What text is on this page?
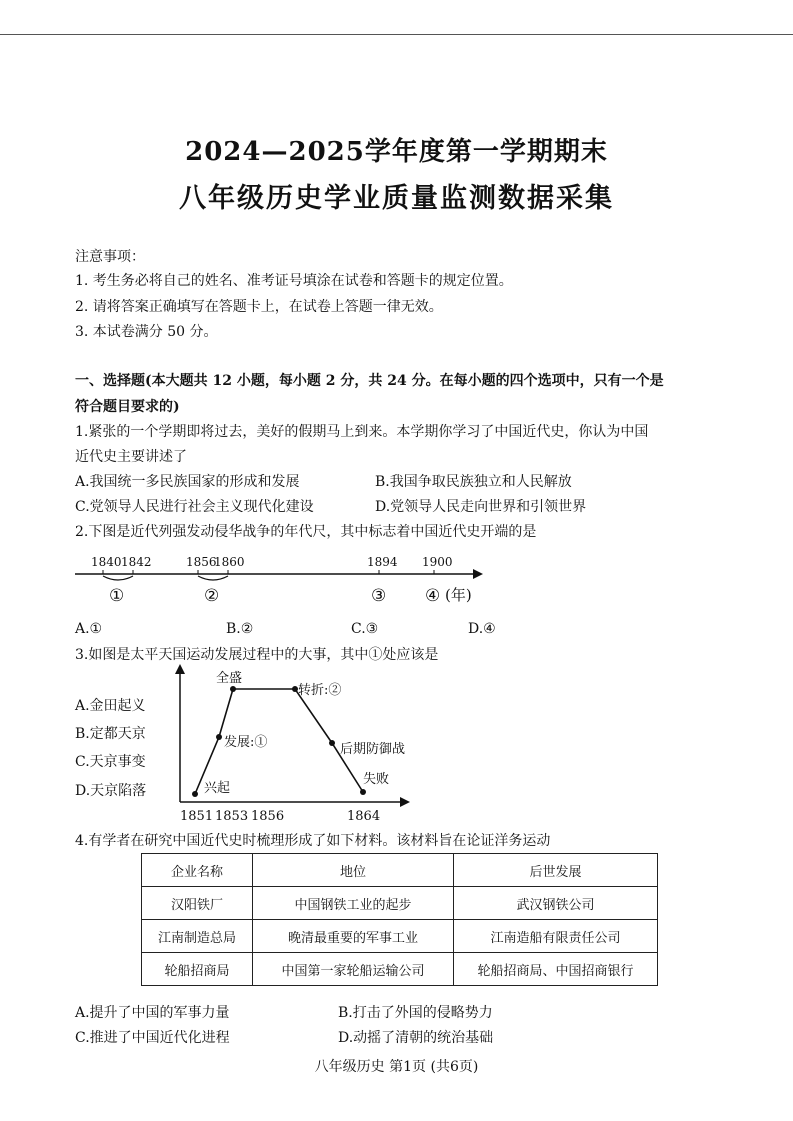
2024—2025学年度第一学期期末
八年级历史学业质量监测数据采集
注意事项：
1. 考生务必将自己的姓名、准考证号填涂在试卷和答题卡的规定位置。
2. 请将答案正确填写在答题卡上，在试卷上答题一律无效。
3. 本试卷满分 50 分。
一、选择题(本大题共 12 小题，每小题 2 分，共 24 分。在每小题的四个选项中，只有一个是
符合题目要求的)
1.紧张的一个学期即将过去，美好的假期马上到来。本学期你学习了中国近代史，你认为中国
近代史主要讲述了
A.我国统一多民族国家的形成和发展	B.我国争取民族独立和人民解放
C.党领导人民进行社会主义现代化建设	D.党领导人民走向世界和引领世界
2.下图是近代列强发动侵华战争的年代尺，其中标志着中国近代史开端的是
1840 1842	1856
1860	1894 1900
①	②	③ ④ (年)
A.①	B.②	C.③	D.④
3.如图是太平天国运动发展过程中的大事，其中①处应该是
A.金田起义
B.定都天京
C.天京事变
D.天京陷落	兴起
发展:①
全盛
转折:②
后期防御战
失败
1851 1853 1856	1864
4.有学者在研究中国近代史时梳理形成了如下材料。该材料旨在论证洋务运动
企业名称	地位	后世发展
汉阳铁厂	中国钢铁工业的起步	武汉钢铁公司
江南制造总局	晚清最重要的军事工业	江南造船有限责任公司
轮船招商局	中国第一家轮船运输公司	轮船招商局、中国招商银行
A.提升了中国的军事力量	B.打击了外国的侵略势力
C.推进了中国近代化进程	D.动摇了清朝的统治基础
八年级历史 第1页 (共6页)
